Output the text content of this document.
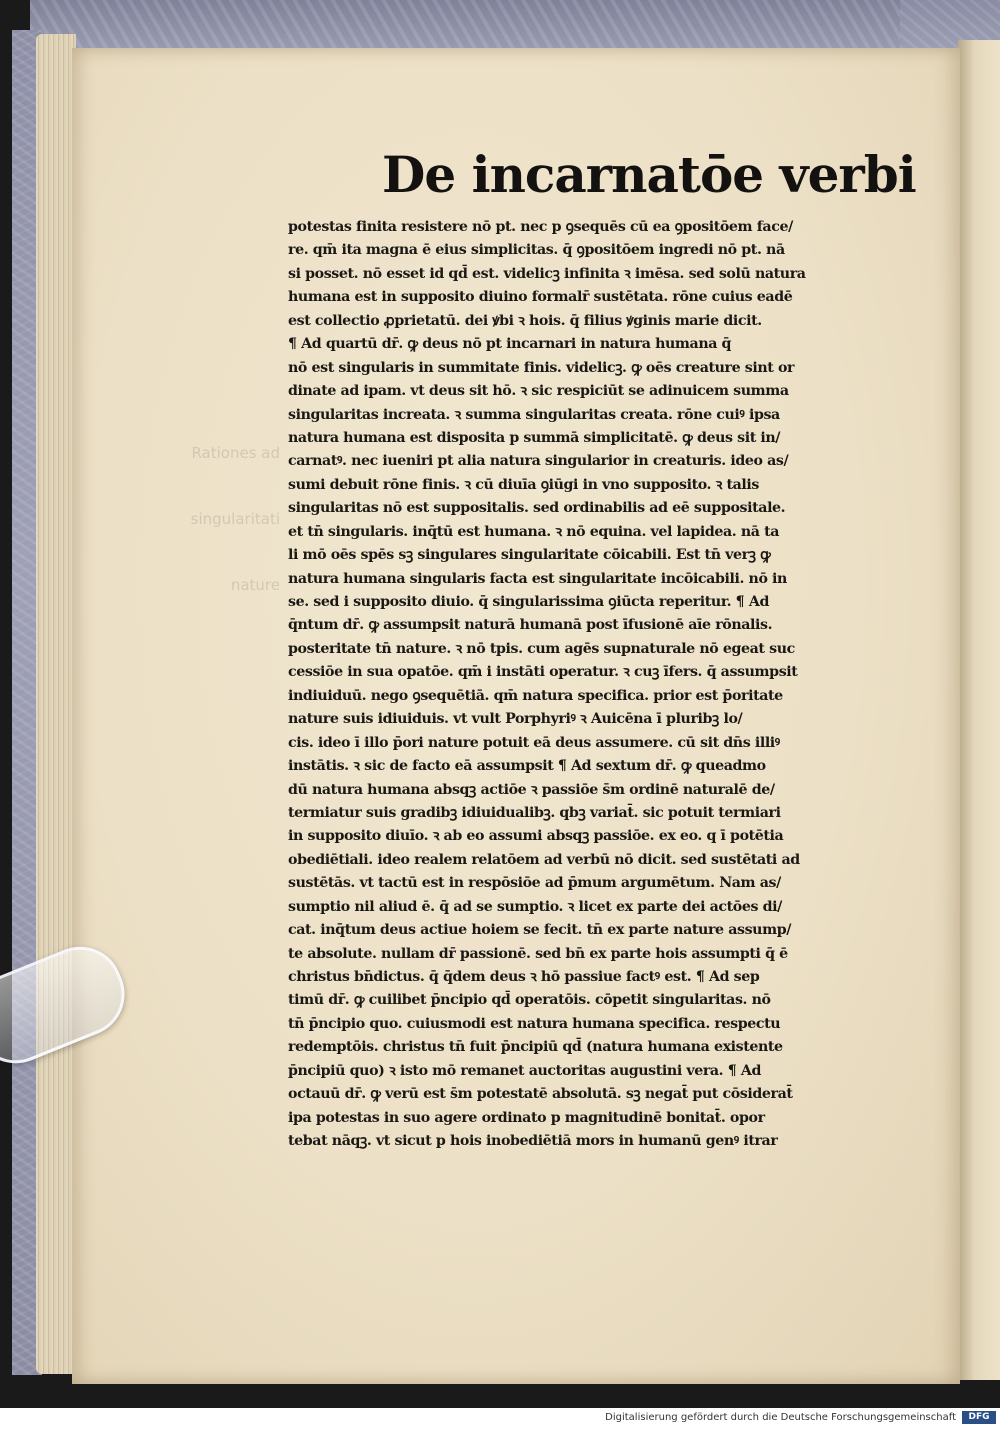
Rationes ad

singularitati

nature

De incarnatōe verbi
potestas finita resistere nō pt. nec p ꝯsequēs cū ea ꝯpositōem face/
re. qm̄ ita magna ē eius simplicitas. q̄ ꝯpositōem ingredi nō pt. nā
si posset. nō esset id qd̄ est. videlicꝫ infinita ꝛ imēsa. sed solū natura
humana est in supposito diuino formalr̄ sustētata. rōne cuius eadē
est collectio ꝓprietatū. dei ꝟbi ꝛ hois. q̄ filius ꝟginis marie dicit.
¶ Ad quartū dr̄. ꝙ deus nō pt incarnari in natura humana q̄
nō est singularis in summitate finis. videlicꝫ. ꝙ oēs creature sint or
dinate ad ipam. vt deus sit hō. ꝛ sic respiciūt se adinuicem summa
singularitas increata. ꝛ summa singularitas creata. rōne cuiꝰ ipsa
natura humana est disposita p summā simplicitatē. ꝙ deus sit in/
carnatꝰ. nec iueniri pt alia natura singularior in creaturis. ideo as/
sumi debuit rōne finis. ꝛ cū diuīa ꝯiūgi in vno supposito. ꝛ talis
singularitas nō est suppositalis. sed ordinabilis ad eē suppositale.
et tn̄ singularis. inq̄tū est humana. ꝛ nō equina. vel lapidea. nā ta
li mō oēs spēs sꝫ singulares singularitate cōicabili. Est tn̄ verꝫ ꝙ
natura humana singularis facta est singularitate incōicabili. nō in
se. sed i supposito diuio. q̄ singularissima ꝯiūcta reperitur. ¶ Ad
q̄ntum dr̄. ꝙ assumpsit naturā humanā post īfusionē aīe rōnalis.
posteritate tn̄ nature. ꝛ nō tpis. cum agēs supnaturale nō egeat suc
cessiōe in sua opatōe. qm̄ i instāti operatur. ꝛ cuꝫ īfers. q̄ assumpsit
indiuiduū. nego ꝯsequētiā. qm̄ natura specifica. prior est p̄oritate
nature suis idiuiduis. vt vult Porphyriꝰ ꝛ Auicēna ī pluribꝫ lo/
cis. ideo ī illo p̄ori nature potuit eā deus assumere. cū sit dn̄s illiꝰ
instātis. ꝛ sic de facto eā assumpsit ¶ Ad sextum dr̄. ꝙ queadmo
dū natura humana absqꝫ actiōe ꝛ passiōe s̄m ordinē naturalē de/
termiatur suis gradibꝫ idiuidualibꝫ. qbꝫ variat̄. sic potuit termiari
in supposito diuīo. ꝛ ab eo assumi absqꝫ passiōe. ex eo. q ī potētia
obediētiali. ideo realem relatōem ad verbū nō dicit. sed sustētati ad
sustētās. vt tactū est in respōsiōe ad p̄mum argumētum. Nam as/
sumptio nil aliud ē. q̄ ad se sumptio. ꝛ licet ex parte dei actōes di/
cat. inq̄tum deus actiue hoiem se fecit. tn̄ ex parte nature assump/
te absolute. nullam dr̄ passionē. sed bn̄ ex parte hois assumpti q̄ ē
christus bn̄dictus. q̄ q̄dem deus ꝛ hō passiue factꝰ est. ¶ Ad sep
timū dr̄. ꝙ cuilibet p̄ncipio qd̄ operatōis. cōpetit singularitas. nō
tn̄ p̄ncipio quo. cuiusmodi est natura humana specifica. respectu
redemptōis. christus tn̄ fuit p̄ncipiū qd̄ (natura humana existente
p̄ncipiū quo) ꝛ isto mō remanet auctoritas augustini vera. ¶ Ad
octauū dr̄. ꝙ verū est s̄m potestatē absolutā. sꝫ negat̄ put cōsiderat̄
ipa potestas in suo agere ordinato p magnitudinē bonitat̄. opor
tebat nāqꝫ. vt sicut p hois inobediētiā mors in humanū genꝰ itrar
Digitalisierung gefördert durch die Deutsche Forschungsgemeinschaft	DFG
